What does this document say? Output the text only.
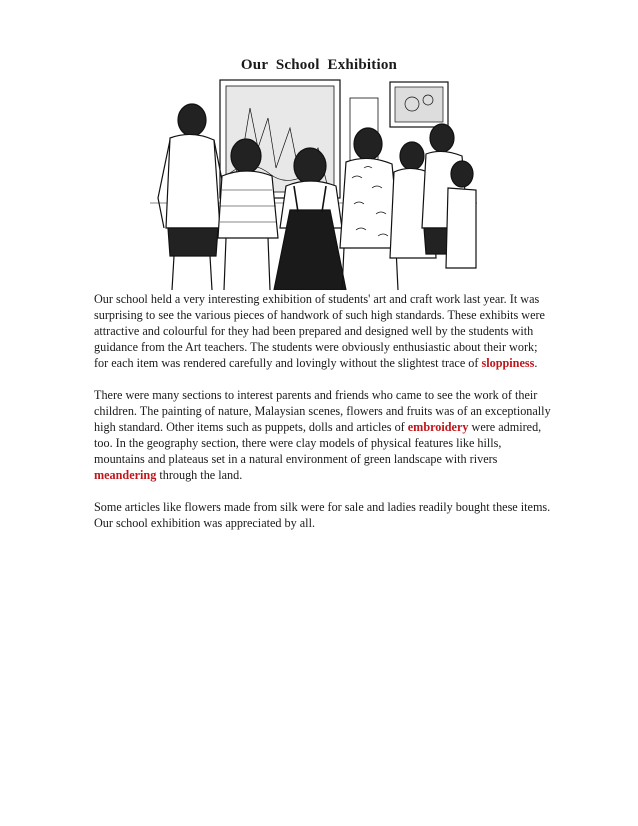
Our School Exhibition

Our school held a very interesting exhibition of students' art and craft work last year. It was surprising to see the various pieces of handwork of such high standards. These exhibits were attractive and colourful for they had been prepared and designed well by the students with guidance from the Art teachers. The students were obviously enthusiastic about their work; for each item was rendered carefully and lovingly without the slightest trace of sloppiness.

There were many sections to interest parents and friends who came to see the work of their children. The painting of nature, Malaysian scenes, flowers and fruits was of an exceptionally high standard. Other items such as puppets, dolls and articles of embroidery were admired, too. In the geography section, there were clay models of physical features like hills, mountains and plateaus set in a natural environment of green landscape with rivers meandering through the land.

Some articles like flowers made from silk were for sale and ladies readily bought these items. Our school exhibition was appreciated by all.
